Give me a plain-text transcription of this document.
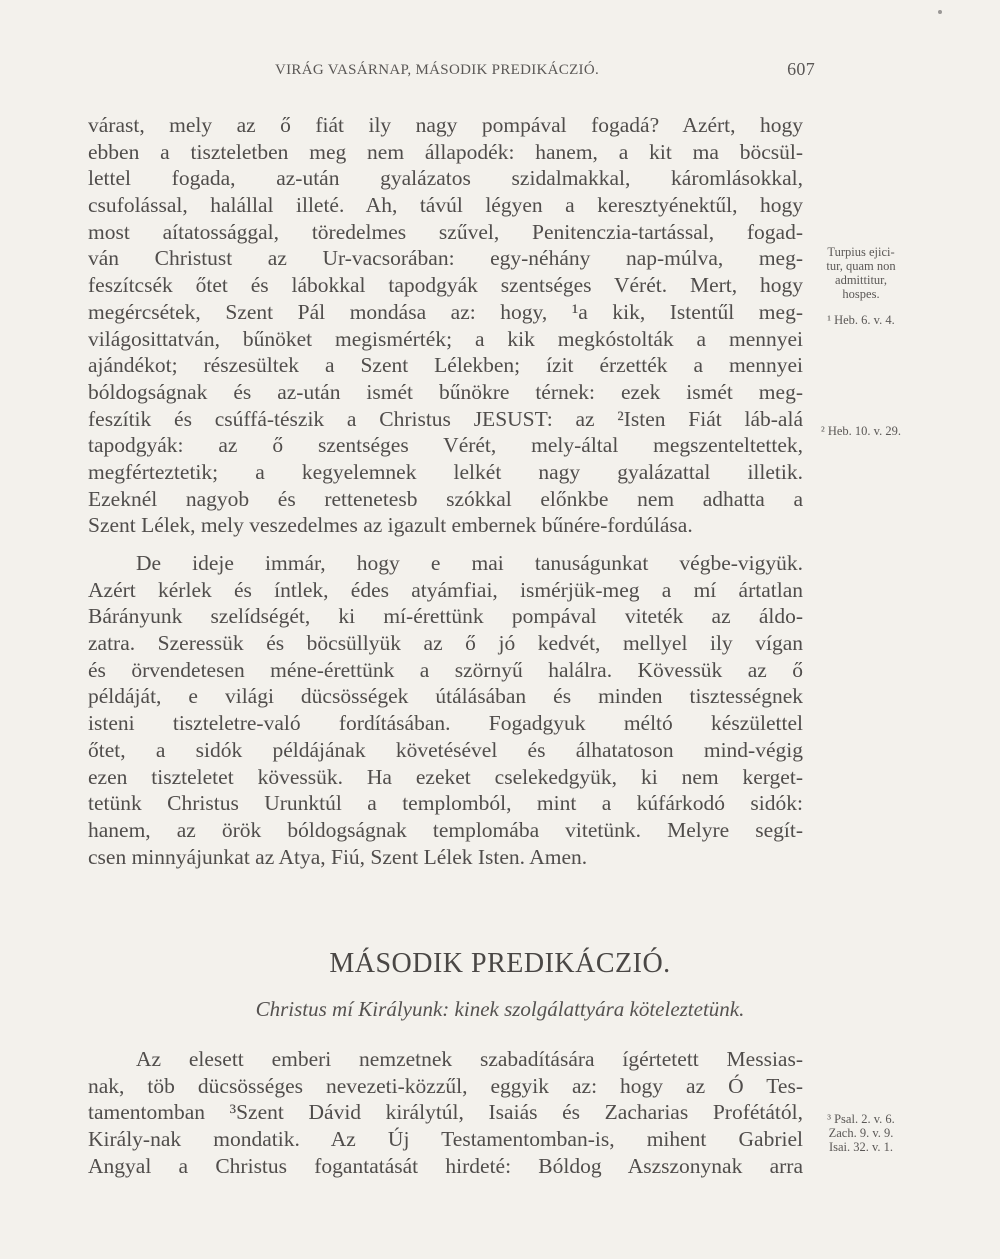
VIRÁG VASÁRNAP, MÁSODIK PREDIKÁCZIÓ.	607
várast, mely az ő fiát ily nagy pompával fogadá? Azért, hogy
ebben a tiszteletben meg nem állapodék: hanem, a kit ma böcsül-
lettel fogada, az-után gyalázatos szidalmakkal, káromlásokkal,
csufolással, halállal illeté. Ah, távúl légyen a keresztyénektűl, hogy
most aítatossággal, töredelmes szűvel, Penitenczia-tartással, fogad-
ván Christust az Ur-vacsorában: egy-néhány nap-múlva, meg-
feszítcsék őtet és lábokkal tapodgyák szentséges Vérét. Mert, hogy
megércsétek, Szent Pál mondása az: hogy, ¹a kik, Istentűl meg-
világosittatván, bűnöket megismérték; a kik megkóstolták a mennyei
ajándékot; részesültek a Szent Lélekben; ízit érzették a mennyei
bóldogságnak és az-után ismét bűnökre térnek: ezek ismét meg-
feszítik és csúffá-tészik a Christus JESUST: az ²Isten Fiát láb-alá
tapodgyák: az ő szentséges Vérét, mely-által megszenteltettek,
megférteztetik; a kegyelemnek lelkét nagy gyalázattal illetik.
Ezeknél nagyob és rettenetesb szókkal előnkbe nem adhatta a
Szent Lélek, mely veszedelmes az igazult embernek bűnére-fordúlása.
De ideje immár, hogy e mai tanuságunkat végbe-vigyük.
Azért kérlek és íntlek, édes atyámfiai, ismérjük-meg a mí ártatlan
Bárányunk szelídségét, ki mí-érettünk pompával viteték az áldo-
zatra. Szeressük és böcsüllyük az ő jó kedvét, mellyel ily vígan
és örvendetesen méne-érettünk a szörnyű halálra. Kövessük az ő
példáját, e világi dücsösségek útálásában és minden tisztességnek
isteni tiszteletre-való fordításában. Fogadgyuk méltó készülettel
őtet, a sidók példájának követésével és álhatatoson mind-végig
ezen tiszteletet kövessük. Ha ezeket cselekedgyük, ki nem kerget-
tetünk Christus Urunktúl a templomból, mint a kúfárkodó sidók:
hanem, az örök bóldogságnak templomába vitetünk. Melyre segít-
csen minnyájunkat az Atya, Fiú, Szent Lélek Isten. Amen.
MÁSODIK PREDIKÁCZIÓ.
Christus mí Királyunk: kinek szolgálattyára köteleztetünk.
Az elesett emberi nemzetnek szabadítására ígértetett Messias-
nak, töb dücsösséges nevezeti-közzűl, eggyik az: hogy az Ó Tes-
tamentomban ³Szent Dávid királytúl, Isaiás és Zacharias Profétától,
Király-nak mondatik. Az Új Testamentomban-is, mihent Gabriel
Angyal a Christus fogantatását hirdeté: Bóldog Aszszonynak arra
Turpius ejici-
tur, quam non
admittitur,
hospes.
¹ Heb. 6. v. 4.
² Heb. 10. v. 29.
³ Psal. 2. v. 6.
Zach. 9. v. 9.
Isai. 32. v. 1.
